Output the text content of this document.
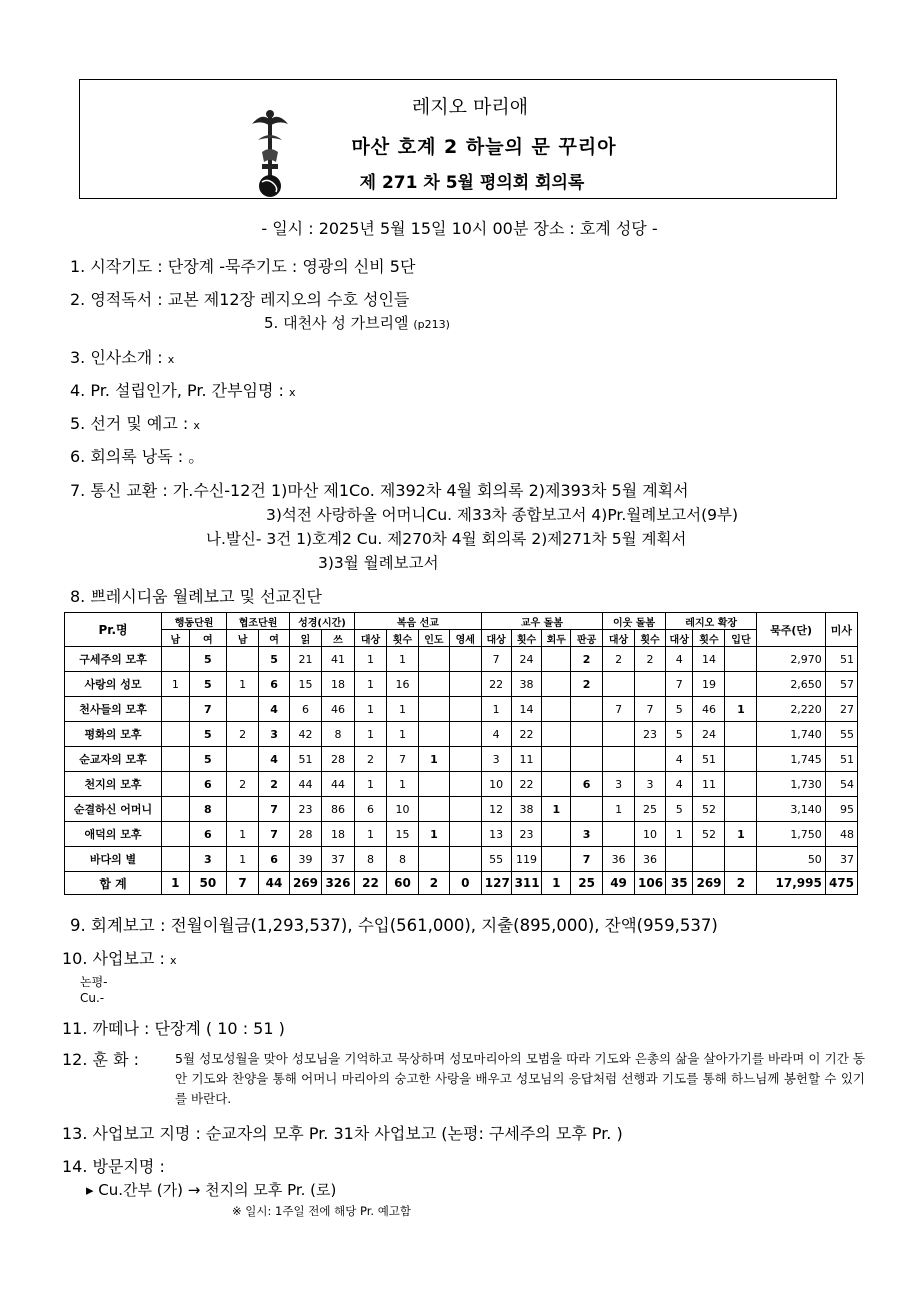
레지오 마리애
마산 호계 2 하늘의 문 꾸리아
제 271 차 5월 평의회 회의록
- 일시 : 2025년 5월 15일 10시 00분 장소 : 호계 성당 -
1. 시작기도 : 단장계 -묵주기도 : 영광의 신비 5단
2. 영적독서 : 교본 제12장 레지오의 수호 성인들
5. 대천사 성 가브리엘 (p213)
3. 인사소개 : x
4. Pr. 설립인가, Pr. 간부임명 : x
5. 선거 및 예고 : x
6. 회의록 낭독 : 。
7. 통신 교환 : 가.수신-12건 1)마산 제1Co. 제392차 4월 회의록 2)제393차 5월 계획서
3)석전 사랑하올 어머니Cu. 제33차 종합보고서 4)Pr.월례보고서(9부)
나.발신- 3건 1)호계2 Cu. 제270차 4월 회의록 2)제271차 5월 계획서
3)3월 월례보고서
8. 쁘레시디움 월례보고 및 선교진단
Pr.명	행동단원		협조단원		성경(시간)		복음 선교				교우 돌봄				이웃 돌봄		레지오 확장			묵주(단)	미사
	남	여	남	여	읽	쓰	대상	횟수	인도	영세	대상	횟수	회두	판공	대상	횟수	대상	횟수	입단		
구세주의 모후		5		5	21	41	1	1			7	24		2	2	2	4	14		2,970	51
사랑의 성모	1	5	1	6	15	18	1	16			22	38		2			7	19		2,650	57
천사들의 모후		7		4	6	46	1	1			1	14			7	7	5	46	1	2,220	27
평화의 모후		5	2	3	42	8	1	1			4	22				23	5	24		1,740	55
순교자의 모후		5		4	51	28	2	7	1		3	11					4	51		1,745	51
천지의 모후		6	2	2	44	44	1	1			10	22		6	3	3	4	11		1,730	54
순결하신 어머니		8		7	23	86	6	10			12	38	1		1	25	5	52		3,140	95
애덕의 모후		6	1	7	28	18	1	15	1		13	23		3		10	1	52	1	1,750	48
바다의 별		3	1	6	39	37	8	8			55	119		7	36	36				50	37
합 계	1	50	7	44	269	326	22	60	2	0	127	311	1	25	49	106	35	269	2	17,995	475
9. 회계보고 : 전월이월금(1,293,537), 수입(561,000), 지출(895,000), 잔액(959,537)
10. 사업보고 : x
논평-
Cu.-
11. 까떼나 : 단장계 ( 10 : 51 )
12. 훈 화 :	5월 성모성월을 맞아 성모님을 기억하고 묵상하며 성모마리아의 모범을 따라 기도와 은총의 삶을 살아가기를 바라며 이 기간 동안 기도와 찬양을 통해 어머니 마리아의 숭고한 사랑을 배우고 성모님의 응답처럼 선행과 기도를 통해 하느님께 봉헌할 수 있기를 바란다.
13. 사업보고 지명 : 순교자의 모후 Pr. 31차 사업보고 (논평: 구세주의 모후 Pr. )
14. 방문지명 :
▸ Cu.간부 (가) → 천지의 모후 Pr. (로)
※ 일시: 1주일 전에 해당 Pr. 예고함
